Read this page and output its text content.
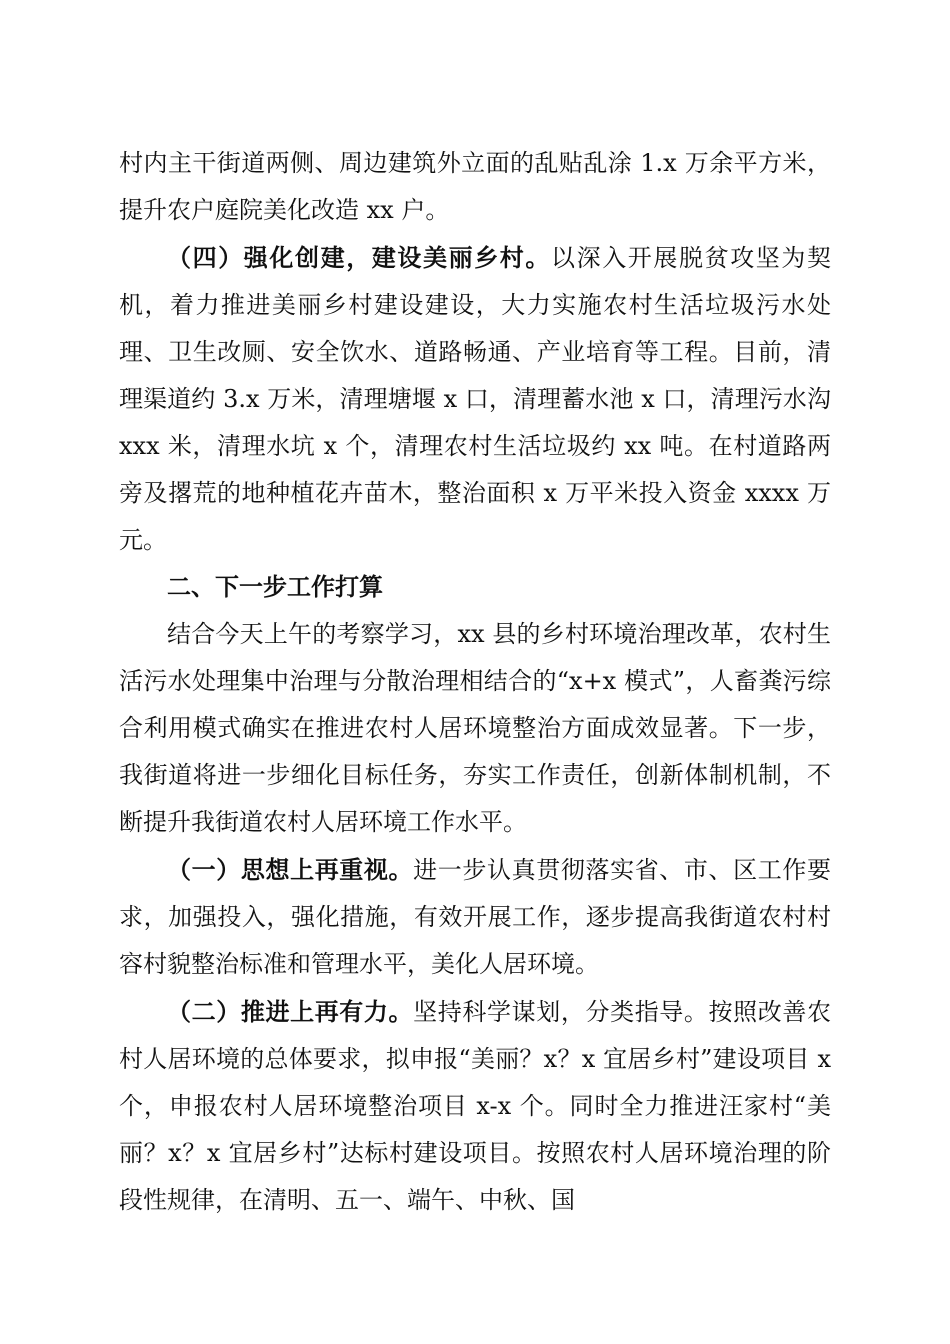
村内主干街道两侧、周边建筑外立面的乱贴乱涂 1.x 万余平方米，提升农户庭院美化改造 xx 户。

（四）强化创建，建设美丽乡村。以深入开展脱贫攻坚为契机，着力推进美丽乡村建设建设，大力实施农村生活垃圾污水处理、卫生改厕、安全饮水、道路畅通、产业培育等工程。目前，清理渠道约 3.x 万米，清理塘堰 x 口，清理蓄水池 x 口，清理污水沟 xxx 米，清理水坑 x 个，清理农村生活垃圾约 xx 吨。在村道路两旁及撂荒的地种植花卉苗木，整治面积 x 万平米投入资金 xxxx 万元。

二、下一步工作打算

结合今天上午的考察学习，xx 县的乡村环境治理改革，农村生活污水处理集中治理与分散治理相结合的“x+x 模式”，人畜粪污综合利用模式确实在推进农村人居环境整治方面成效显著。下一步，我街道将进一步细化目标任务，夯实工作责任，创新体制机制，不断提升我街道农村人居环境工作水平。

（一）思想上再重视。进一步认真贯彻落实省、市、区工作要求，加强投入，强化措施，有效开展工作，逐步提高我街道农村村容村貌整治标准和管理水平，美化人居环境。

（二）推进上再有力。坚持科学谋划，分类指导。按照改善农村人居环境的总体要求，拟申报“美丽？x？x 宜居乡村”建设项目 x 个，申报农村人居环境整治项目 x-x 个。同时全力推进汪家村“美丽？x？x 宜居乡村”达标村建设项目。按照农村人居环境治理的阶段性规律，在清明、五一、端午、中秋、国
